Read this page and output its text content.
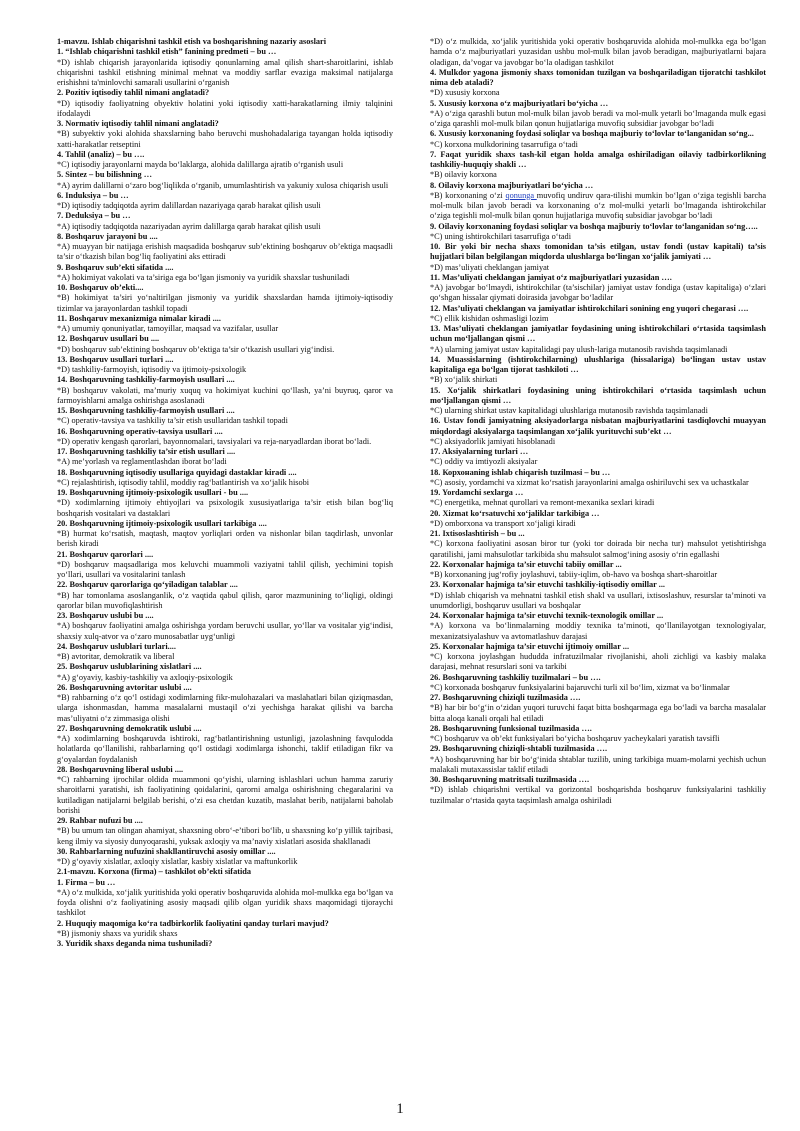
1-mavzu. Ishlab chiqarishni tashkil etish va boshqarishning nazariy asoslari

1. “Ishlab chiqarishni tashkil etish” fanining predmeti – bu …

*D) ishlab chiqarish jarayonlarida iqtisodiy qonunlarning amal qilish shart-sharoitlarini, ishlab chiqarishni tashkil etishning minimal mehnat va moddiy sarflar evaziga maksimal natijalarga erishishni ta'minlovchi samarali usullarini o‘rganish

2. Pozitiv iqtisodiy tahlil nimani anglatadi?

*D) iqtisodiy faoliyatning obyektiv holatini yoki iqtisodiy xatti-harakatlarning ilmiy talqinini ifodalaydi

3. Normativ iqtisodiy tahlil nimani anglatadi?

*B) subyektiv yoki alohida shaxslarning baho beruvchi mushohadalariga tayangan holda iqtisodiy xatti-harakatlar retseptini

4. Tahlil (analiz) – bu ….

*C) iqtisodiy jarayonlarni mayda bo‘laklarga, alohida dalillarga ajratib o‘rganish usuli

5. Sintez – bu bilishning …

*A) ayrim dalillarni o‘zaro bog‘liqlikda o‘rganib, umumlashtirish va yakuniy xulosa chiqarish usuli

6. Induksiya – bu …

*D) iqtisodiy tadqiqotda ayrim dalillardan nazariyaga qarab harakat qilish usuli

7. Deduksiya – bu …

*A) iqtisodiy tadqiqotda nazariyadan ayrim dalillarga qarab harakat qilish usuli

8. Boshqaruv jarayoni bu ....

*A) muayyan bir natijaga erishish maqsadida boshqaruv sub’ektining boshqaruv ob’ektiga maqsadli ta’sir o‘tkazish bilan bog‘liq faoliyatini aks ettiradi

9. Boshqaruv sub’ekti sifatida ....

*A) hokimiyat vakolati va ta’siriga ega bo‘lgan jismoniy va yuridik shaxslar tushuniladi

10. Boshqaruv ob’ekti....

*B) hokimiyat ta’siri yo‘naltirilgan jismoniy va yuridik shaxslardan hamda ijtimoiy-iqtisodiy tizimlar va jarayonlardan tashkil topadi

11. Boshqaruv mexanizmiga nimalar kiradi ....

*A) umumiy qonuniyatlar, tamoyillar, maqsad va vazifalar, usullar

12. Boshqaruv usullari bu ....

*D) boshqaruv sub’ektining boshqaruv ob’ektiga ta’sir o‘tkazish usullari yig‘indisi.

13. Boshqaruv usullari turlari ....

*D) tashkiliy-farmoyish, iqtisodiy va ijtimoiy-psixologik

14. Boshqaruvning tashkiliy-farmoyish usullari ....

*B) boshqaruv vakolati, ma’muriy xuquq va hokimiyat kuchini qo‘llash, ya’ni buyruq, qaror va farmoyishlarni amalga oshirishga asoslanadi

15. Boshqaruvning tashkiliy-farmoyish usullari ....

*C) operativ-tavsiya va tashkiliy ta’sir etish usullaridan tashkil topadi

16. Boshqaruvning operativ-tavsiya usullari ....

*D) operativ kengash qarorlari, bayonnomalari, tavsiyalari va reja-naryadlardan iborat bo‘ladi.

17. Boshqaruvning tashkiliy ta’sir etish usullari ....

*A) me’yorlash va reglamentlashdan iborat bo‘ladi

18. Boshqaruvning iqtisodiy usullariga quyidagi dastaklar kiradi ....

*C) rejalashtirish, iqtisodiy tahlil, moddiy rag‘batlantirish va xo‘jalik hisobi

19. Boshqaruvning ijtimoiy-psixologik usullari - bu ....

*D) xodimlarning ijtimoiy ehtiyojlari va psixologik xususiyatlariga ta’sir etish bilan bog‘liq boshqarish vositalari va dastaklari

20. Boshqaruvning ijtimoiy-psixologik usullari tarkibiga ....

*B) hurmat ko‘rsatish, maqtash, maqtov yorliqlari orden va nishonlar bilan taqdirlash, unvonlar berish kiradi

21. Boshqaruv qarorlari ....

*D) boshqaruv maqsadlariga mos keluvchi muammoli vaziyatni tahlil qilish, yechimini topish yo‘llari, usullari va vositalarini tanlash

22. Boshqaruv qarorlariga qo‘yiladigan talablar ....

*B) har tomonlama asoslanganlik, o‘z vaqtida qabul qilish, qaror mazmunining to‘liqligi, oldingi qarorlar bilan muvofiqlashtirish

23. Boshqaruv uslubi bu ....

*A) boshqaruv faoliyatini amalga oshirishga yordam beruvchi usullar, yo‘llar va vositalar yig‘indisi, shaxsiy xulq-atvor va o‘zaro munosabatlar uyg‘unligi

24. Boshqaruv uslublari turlari....

*B) avtoritar, demokratik va liberal

25. Boshqaruv uslublarining xislatlari ....

*A) g‘oyaviy, kasbiy-tashkiliy va axloqiy-psixologik

26. Boshqaruvning avtoritar uslubi ....

*B) rahbarning o‘z qo‘l ostidagi xodimlarning fikr-mulohazalari va maslahatlari bilan qiziqmasdan, ularga ishonmasdan, hamma masalalarni mustaqil o‘zi yechishga harakat qilishi va barcha mas’uliyatni o‘z zimmasiga olishi

27. Boshqaruvning demokratik uslubi ....

*A) xodimlarning boshqaruvda ishtiroki, rag‘batlantirishning ustunligi, jazolashning favqulodda holatlarda qo‘llanilishi, rahbarlarning qo‘l ostidagi xodimlarga ishonchi, taklif etiladigan fikr va g‘oyalardan foydalanish

28. Boshqaruvning liberal uslubi ....

*C) rahbarning ijrochilar oldida muammoni qo‘yishi, ularning ishlashlari uchun hamma zaruriy sharoitlarni yaratishi, ish faoliyatining qoidalarini, qarorni amalga oshirishning chegaralarini va kutiladigan natijalarni belgilab berishi, o‘zi esa chetdan kuzatib, maslahat berib, natijalarni baholab borishi

29. Rahbar nufuzi bu ....

*B) bu umum tan olingan ahamiyat, shaxsning obro‘-e’tibori bo‘lib, u shaxsning ko‘p yillik tajribasi, keng ilmiy va siyosiy dunyoqarashi, yuksak axloqiy va ma’naviy xislatlari asosida shakllanadi

30. Rahbarlarning nufuzini shakllantiruvchi asosiy omillar ....

*D) g‘oyaviy xislatlar, axloqiy xislatlar, kasbiy xislatlar va maftunkorlik

2.1-mavzu. Korxona (firma) – tashkilot ob’ekti sifatida

1. Firma – bu …

*A) o‘z mulkida, xo‘jalik yuritishida yoki operativ boshqaruvida alohida mol-mulkka ega bo‘lgan va foyda olishni o‘z faoliyatining asosiy maqsadi qilib olgan yuridik shaxs maqomidagi tijoraychi tashkilot

2. Huquqiy maqomiga ko‘ra tadbirkorlik faoliyatini qanday turlari mavjud?

*B) jismoniy shaxs va yuridik shaxs

3. Yuridik shaxs deganda nima tushuniladi?

*D) o‘z mulkida, xo‘jalik yuritishida yoki operativ boshqaruvida alohida mol-mulkka ega bo‘lgan hamda o‘z majburiyatlari yuzasidan ushbu mol-mulk bilan javob beradigan, majburiyatlarni bajara oladigan, da’vogar va javobgar bo‘la oladigan tashkilot

4. Mulkdor yagona jismoniy shaxs tomonidan tuzilgan va boshqariladigan tijoratchi tashkilot nima deb ataladi?

*D) xususiy korxona

5. Xususiy korxona o‘z majburiyatlari bo‘yicha …

*A) o‘ziga qarashli butun mol-mulk bilan javob beradi va mol-mulk yetarli bo‘lmaganda mulk egasi o‘ziga qarashli mol-mulk bilan qonun hujjatlariga muvofiq subsidiar javobgar bo‘ladi

6. Xususiy korxonaning foydasi soliqlar va boshqa majburiy to‘lovlar to‘langanidan so‘ng...

*C) korxona mulkdorining tasarrufiga o‘tadi

7. Faqat yuridik shaxs tash-kil etgan holda amalga oshiriladigan oilaviy tadbirkorlikning tashkiliy-huquqiy shakli …

*B) oilaviy korxona

8. Oilaviy korxona majburiyatlari bo‘yicha …

*B) korxonaning o‘zi qonunga muvofiq undiruv qara-tilishi mumkin bo‘lgan o‘ziga tegishli barcha mol-mulk bilan javob beradi va korxonaning o‘z mol-mulki yetarli bo‘lmaganda ishtirokchilar o‘ziga tegishli mol-mulk bilan qonun hujjatlariga muvofiq subsidiar javobgar bo‘ladi

9. Oilaviy korxonaning foydasi soliqlar va boshqa majburiy to‘lovlar to‘langanidan so‘ng…..

*C) uning ishtirokchilari tasarrufiga o‘tadi

10. Bir yoki bir necha shaxs tomonidan ta’sis etilgan, ustav fondi (ustav kapitali) ta’sis hujjatlari bilan belgilangan miqdorda ulushlarga bo‘lingan xo‘jalik jamiyati …

*D) mas’uliyati cheklangan jamiyat

11. Mas’uliyati cheklangan jamiyat o‘z majburiyatlari yuzasidan ….

*A) javobgar bo‘lmaydi, ishtirokchilar (ta’sischilar) jamiyat ustav fondiga (ustav kapitaliga) o‘zlari qo‘shgan hissalar qiymati doirasida javobgar bo‘ladilar

12. Mas’uliyati cheklangan va jamiyatlar ishtirokchilari sonining eng yuqori chegarasi ….

*C) ellik kishidan oshmasligi lozim

13. Mas’uliyati cheklangan jamiyatlar foydasining uning ishtirokchilari o‘rtasida taqsimlash uchun mo‘ljallangan qismi …

*A) ularning jamiyat ustav kapitalidagi pay ulush-lariga mutanosib ravishda taqsimlanadi

14. Muassislarning (ishtirokchilarning) ulushlariga (hissalariga) bo‘lingan ustav ustav kapitaliga ega bo‘lgan tijorat tashkiloti …

*B) xo‘jalik shirkati

15. Xo‘jalik shirkatlari foydasining uning ishtirokchilari o‘rtasida taqsimlash uchun mo‘ljallangan qismi …

*C) ularning shirkat ustav kapitalidagi ulushlariga mutanosib ravishda taqsimlanadi

16. Ustav fondi jamiyatning aksiyadorlarga nisbatan majburiyatlarini tasdiqlovchi muayyan miqdordagi aksiyalarga taqsimlangan xo‘jalik yurituvchi sub’ekt …

*C) aksiyadorlik jamiyati hisoblanadi

17. Aksiyalarning turlari …

*C) oddiy va imtiyozli aksiyalar

18. Корхонaning ishlab chiqarish tuzilmasi – bu …

*C) asosiy, yordamchi va xizmat ko‘rsatish jarayonlarini amalga oshiriluvchi sex va uchastkalar

19. Yordamchi sexlarga …

*C) energetika, mehnat qurollari va remont-mexanika sexlari kiradi

20. Xizmat ko‘rsatuvchi xo‘jaliklar tarkibiga …

*D) omborxona va transport xo‘jaligi kiradi

21. Ixtisoslashtirish – bu ...

*C) korxona faoliyatini asosan biror tur (yoki tor doirada bir necha tur) mahsulot yetishtirishga qaratilishi, jami mahsulotlar tarkibida shu mahsulot salmog‘ining asosiy o‘rin egallashi

22. Korxonalar hajmiga ta’sir etuvchi tabiiy omillar ...

*B) korxonaning jug‘rofiy joylashuvi, tabiiy-iqlim, ob-havo va boshqa shart-sharoitlar

23. Korxonalar hajmiga ta’sir etuvchi tashkiliy-iqtisodiy omillar ...

*D) ishlab chiqarish va mehnatni tashkil etish shakl va usullari, ixtisoslashuv, resurslar ta’minoti va unumdorligi, boshqaruv usullari va boshqalar

24. Korxonalar hajmiga ta’sir etuvchi texnik-texnologik omillar ...

*A) korxona va bo‘linmalarning moddiy texnika ta’minoti, qo‘llanilayotgan texnologiyalar, mexanizatsiyalashuv va avtomatlashuv darajasi

25. Korxonalar hajmiga ta’sir etuvchi ijtimoiy omillar ...

*C) korxona joylashgan hududda infratuzilmalar rivojlanishi, aholi zichligi va kasbiy malaka darajasi, mehnat resurslari soni va tarkibi

26. Boshqaruvning tashkiliy tuzilmalari – bu ….

*C) korxonada boshqaruv funksiyalarini bajaruvchi turli xil bo‘lim, xizmat va bo‘linmalar

27. Boshqaruvning chiziqli tuzilmasida ….

*B) har bir bo‘g‘in o‘zidan yuqori turuvchi faqat bitta boshqarmaga ega bo‘ladi va barcha masalalar bitta aloqa kanali orqali hal etiladi

28. Boshqaruvning funksional tuzilmasida ….

*C) boshqaruv va ob’ekt funksiyalari bo‘yicha boshqaruv yacheykalari yaratish tavsifli

29. Boshqaruvning chiziqli-shtabli tuzilmasida ….

*A) boshqaruvning har bir bo‘g‘inida shtablar tuzilib, uning tarkibiga muam-molarni yechish uchun malakali mutaxassislar taklif etiladi

30. Boshqaruvning matritsali tuzilmasida ….

*D) ishlab chiqarishni vertikal va gorizontal boshqarishda boshqaruv funksiyalarini tashkiliy tuzilmalar o‘rtasida qayta taqsimlash amalga oshiriladi

1
